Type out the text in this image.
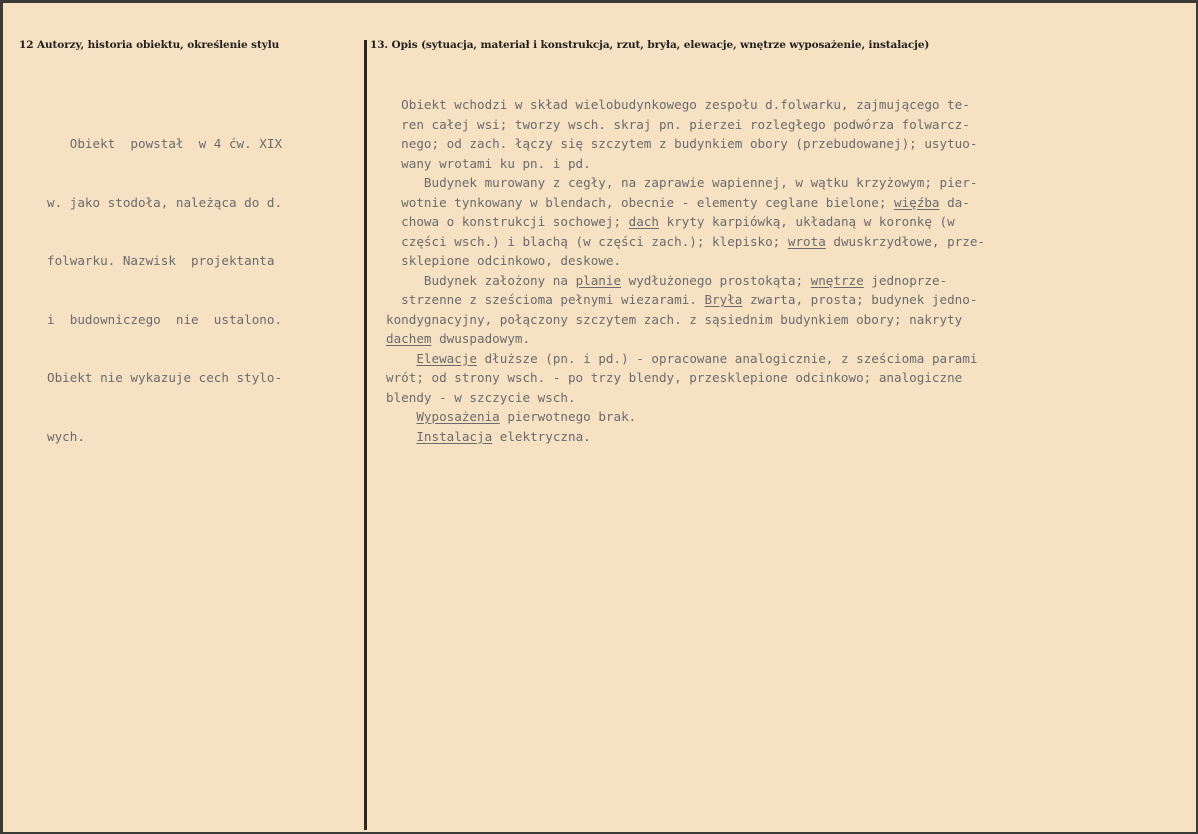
12 Autorzy, historia obiektu, określenie stylu	13. Opis (sytuacja, materiał i konstrukcja, rzut, bryła, elewacje, wnętrze wyposażenie, instalacje)

Obiekt  powstał  w 4 ćw. XIX

w. jako stodoła, należąca do d.

folwarku. Nazwisk  projektanta

i  budowniczego  nie  ustalono.

Obiekt nie wykazuje cech stylo-

wych.

Obiekt wchodzi w skład wielobudynkowego zespołu d.folwarku, zajmującego te-
ren całej wsi; tworzy wsch. skraj pn. pierzei rozległego podwórza folwarcz-
nego; od zach. łączy się szczytem z budynkiem obory (przebudowanej); usytuo-
wany wrotami ku pn. i pd.
Budynek murowany z cegły, na zaprawie wapiennej, w wątku krzyżowym; pier-
wotnie tynkowany w blendach, obecnie - elementy ceglane bielone; więźba da-
chowa o konstrukcji sochowej; dach kryty karpiówką, układaną w koronkę (w
części wsch.) i blachą (w części zach.); klepisko; wrota dwuskrzydłowe, prze-
sklepione odcinkowo, deskowe.
Budynek założony na planie wydłużonego prostokąta; wnętrze jednoprze-
strzenne z sześcioma pełnymi wiezarami. Bryła zwarta, prosta; budynek jedno-
kondygnacyjny, połączony szczytem zach. z sąsiednim budynkiem obory; nakryty
dachem dwuspadowym.
Elewacje dłuższe (pn. i pd.) - opracowane analogicznie, z sześcioma parami
wrót; od strony wsch. - po trzy blendy, przesklepione odcinkowo; analogiczne
blendy - w szczycie wsch.
Wyposażenia pierwotnego brak.
Instalacja elektryczna.
